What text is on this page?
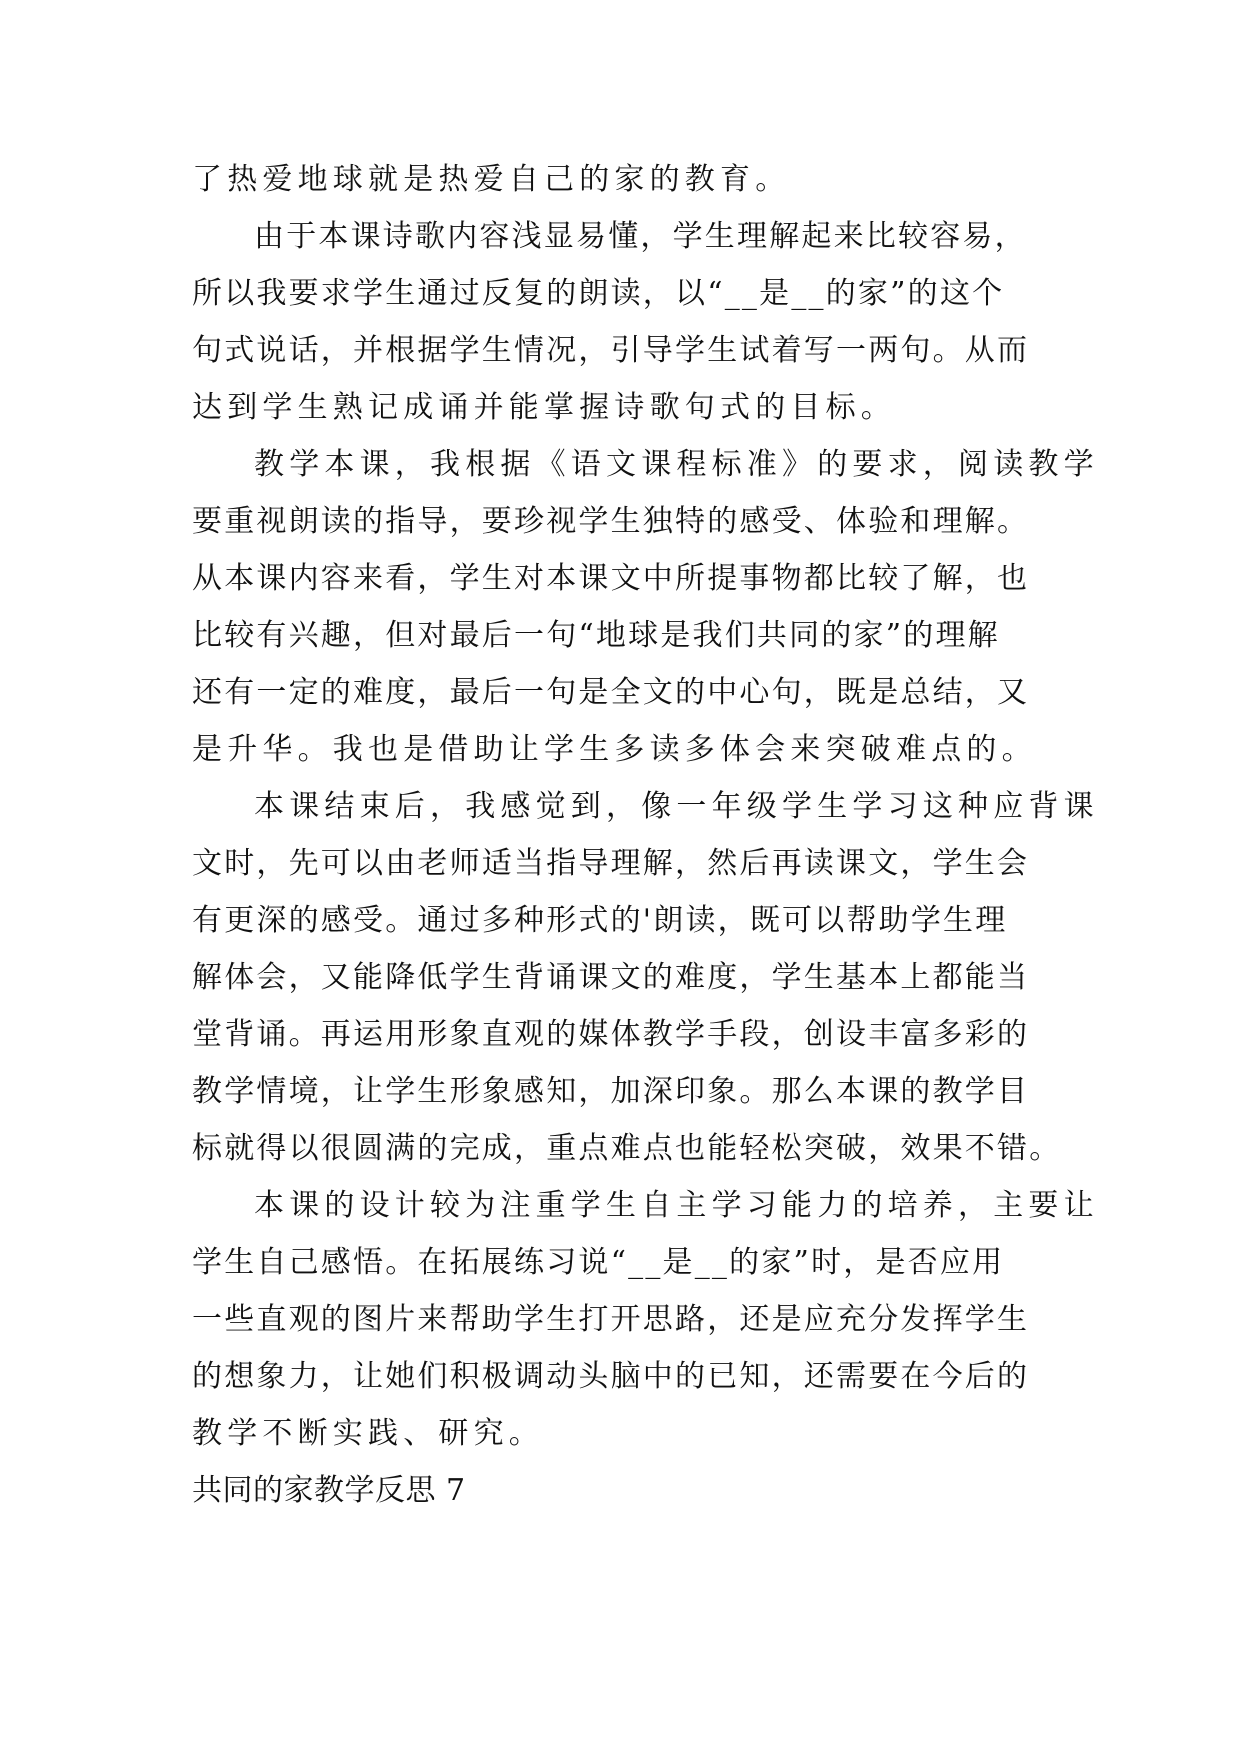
了热爱地球就是热爱自己的家的教育。
由于本课诗歌内容浅显易懂，学生理解起来比较容易，
所以我要求学生通过反复的朗读，以“__是__的家”的这个
句式说话，并根据学生情况，引导学生试着写一两句。从而
达到学生熟记成诵并能掌握诗歌句式的目标。
教学本课，我根据《语文课程标准》的要求，阅读教学
要重视朗读的指导，要珍视学生独特的感受、体验和理解。
从本课内容来看，学生对本课文中所提事物都比较了解，也
比较有兴趣，但对最后一句“地球是我们共同的家”的理解
还有一定的难度，最后一句是全文的中心句，既是总结，又
是升华。我也是借助让学生多读多体会来突破难点的。
本课结束后，我感觉到，像一年级学生学习这种应背课
文时，先可以由老师适当指导理解，然后再读课文，学生会
有更深的感受。通过多种形式的'朗读，既可以帮助学生理
解体会，又能降低学生背诵课文的难度，学生基本上都能当
堂背诵。再运用形象直观的媒体教学手段，创设丰富多彩的
教学情境，让学生形象感知，加深印象。那么本课的教学目
标就得以很圆满的完成，重点难点也能轻松突破，效果不错。
本课的设计较为注重学生自主学习能力的培养，主要让
学生自己感悟。在拓展练习说“__是__的家”时，是否应用
一些直观的图片来帮助学生打开思路，还是应充分发挥学生
的想象力，让她们积极调动头脑中的已知，还需要在今后的
教学不断实践、研究。
共同的家教学反思 7
